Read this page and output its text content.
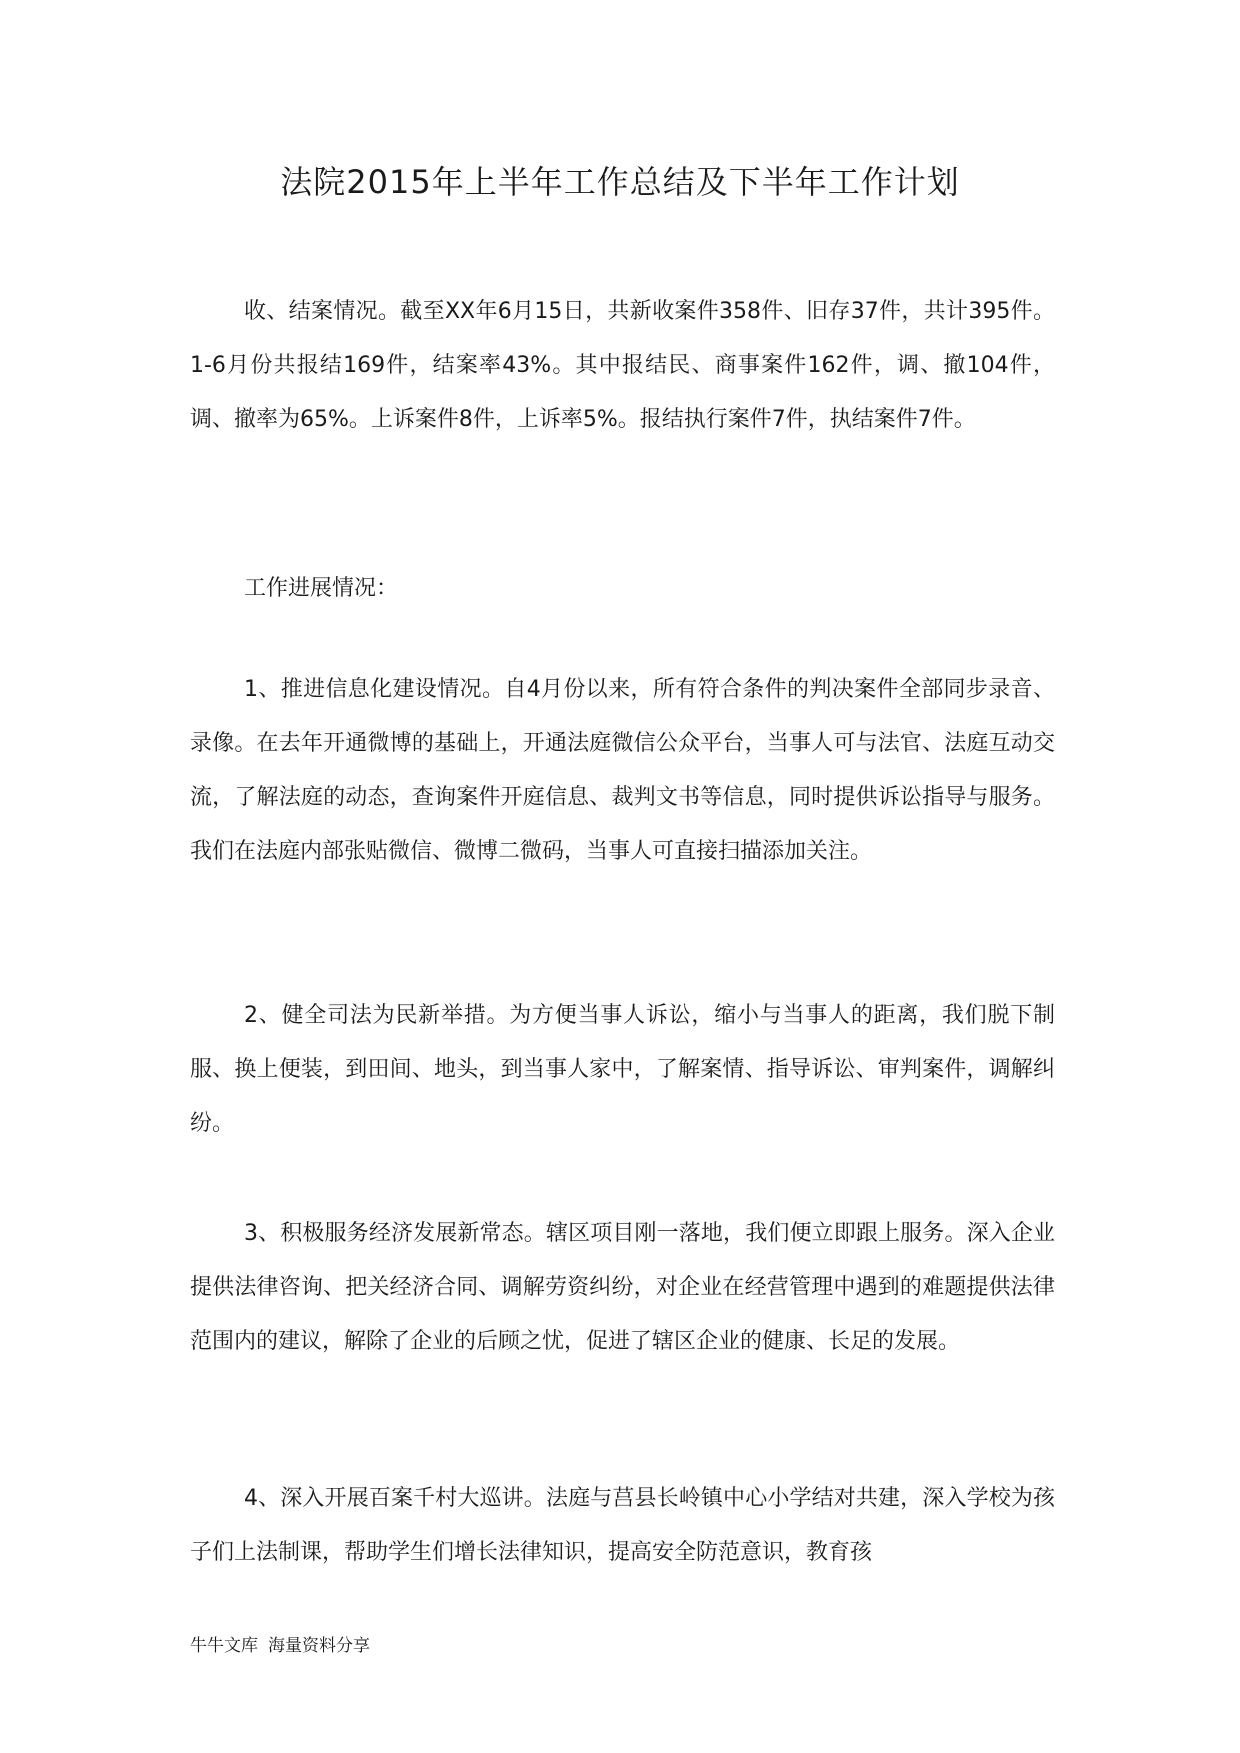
法院2015年上半年工作总结及下半年工作计划

收、结案情况。截至XX年6月15日，共新收案件358件、旧存37件，共计395件。1-6月份共报结169件，结案率43%。其中报结民、商事案件162件，调、撤104件，调、撤率为65%。上诉案件8件，上诉率5%。报结执行案件7件，执结案件7件。

工作进展情况：

1、推进信息化建设情况。自4月份以来，所有符合条件的判决案件全部同步录音、录像。在去年开通微博的基础上，开通法庭微信公众平台，当事人可与法官、法庭互动交流，了解法庭的动态，查询案件开庭信息、裁判文书等信息，同时提供诉讼指导与服务。我们在法庭内部张贴微信、微博二微码，当事人可直接扫描添加关注。

2、健全司法为民新举措。为方便当事人诉讼，缩小与当事人的距离，我们脱下制服、换上便装，到田间、地头，到当事人家中，了解案情、指导诉讼、审判案件，调解纠纷。

3、积极服务经济发展新常态。辖区项目刚一落地，我们便立即跟上服务。深入企业提供法律咨询、把关经济合同、调解劳资纠纷，对企业在经营管理中遇到的难题提供法律范围内的建议，解除了企业的后顾之忧，促进了辖区企业的健康、长足的发展。

4、深入开展百案千村大巡讲。法庭与莒县长岭镇中心小学结对共建，深入学校为孩子们上法制课，帮助学生们增长法律知识，提高安全防范意识，教育孩

牛牛文库 海量资料分享
